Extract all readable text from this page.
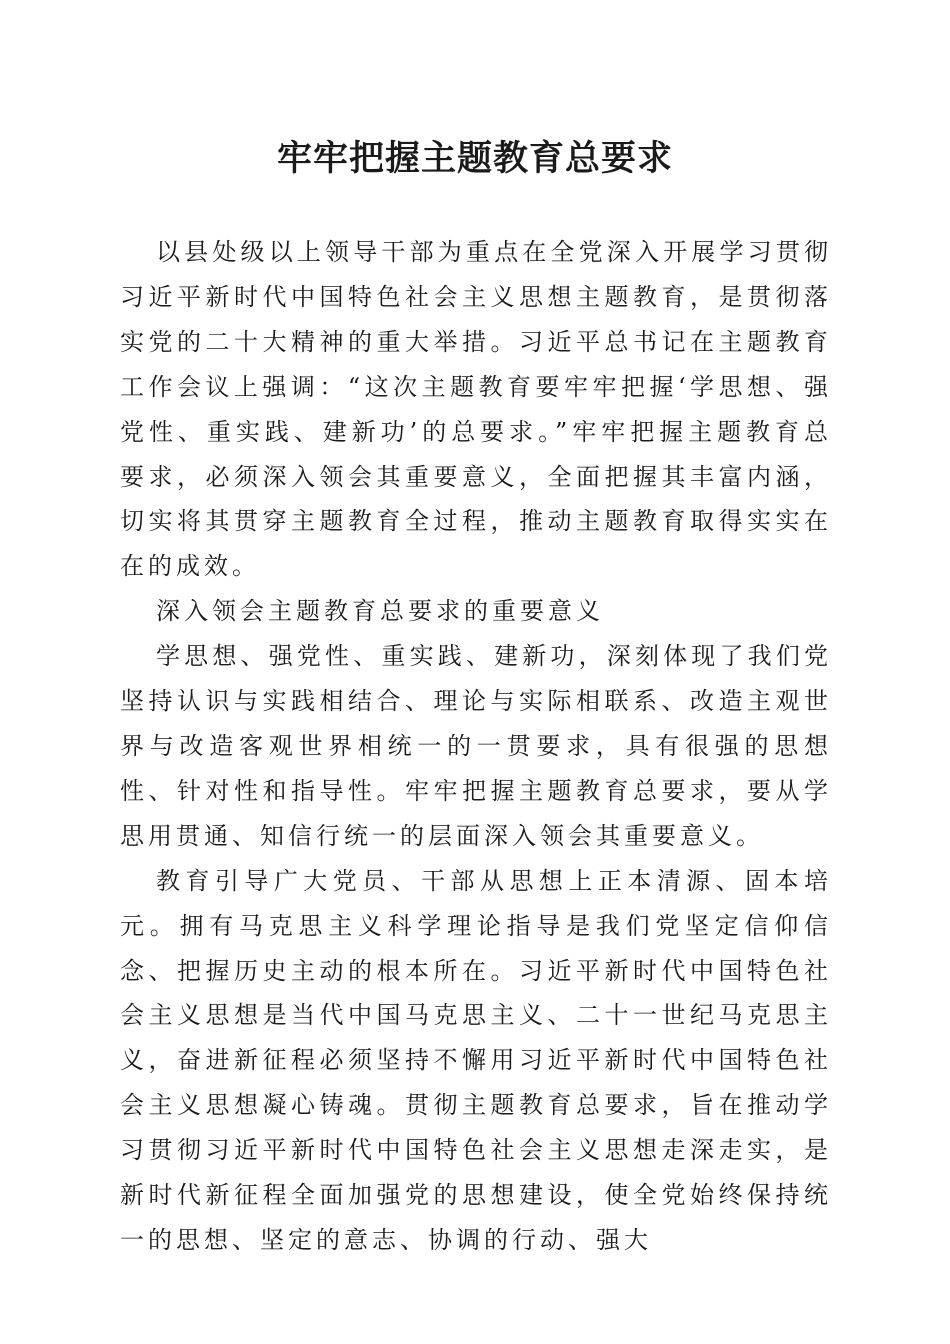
牢牢把握主题教育总要求

以县处级以上领导干部为重点在全党深入开展学习贯彻习近平新时代中国特色社会主义思想主题教育，是贯彻落实党的二十大精神的重大举措。习近平总书记在主题教育工作会议上强调：“这次主题教育要牢牢把握‘学思想、强党性、重实践、建新功’的总要求。”牢牢把握主题教育总要求，必须深入领会其重要意义，全面把握其丰富内涵，切实将其贯穿主题教育全过程，推动主题教育取得实实在在的成效。

深入领会主题教育总要求的重要意义

学思想、强党性、重实践、建新功，深刻体现了我们党坚持认识与实践相结合、理论与实际相联系、改造主观世界与改造客观世界相统一的一贯要求，具有很强的思想性、针对性和指导性。牢牢把握主题教育总要求，要从学思用贯通、知信行统一的层面深入领会其重要意义。

教育引导广大党员、干部从思想上正本清源、固本培元。拥有马克思主义科学理论指导是我们党坚定信仰信念、把握历史主动的根本所在。习近平新时代中国特色社会主义思想是当代中国马克思主义、二十一世纪马克思主义，奋进新征程必须坚持不懈用习近平新时代中国特色社会主义思想凝心铸魂。贯彻主题教育总要求，旨在推动学习贯彻习近平新时代中国特色社会主义思想走深走实，是新时代新征程全面加强党的思想建设，使全党始终保持统一的思想、坚定的意志、协调的行动、强大
